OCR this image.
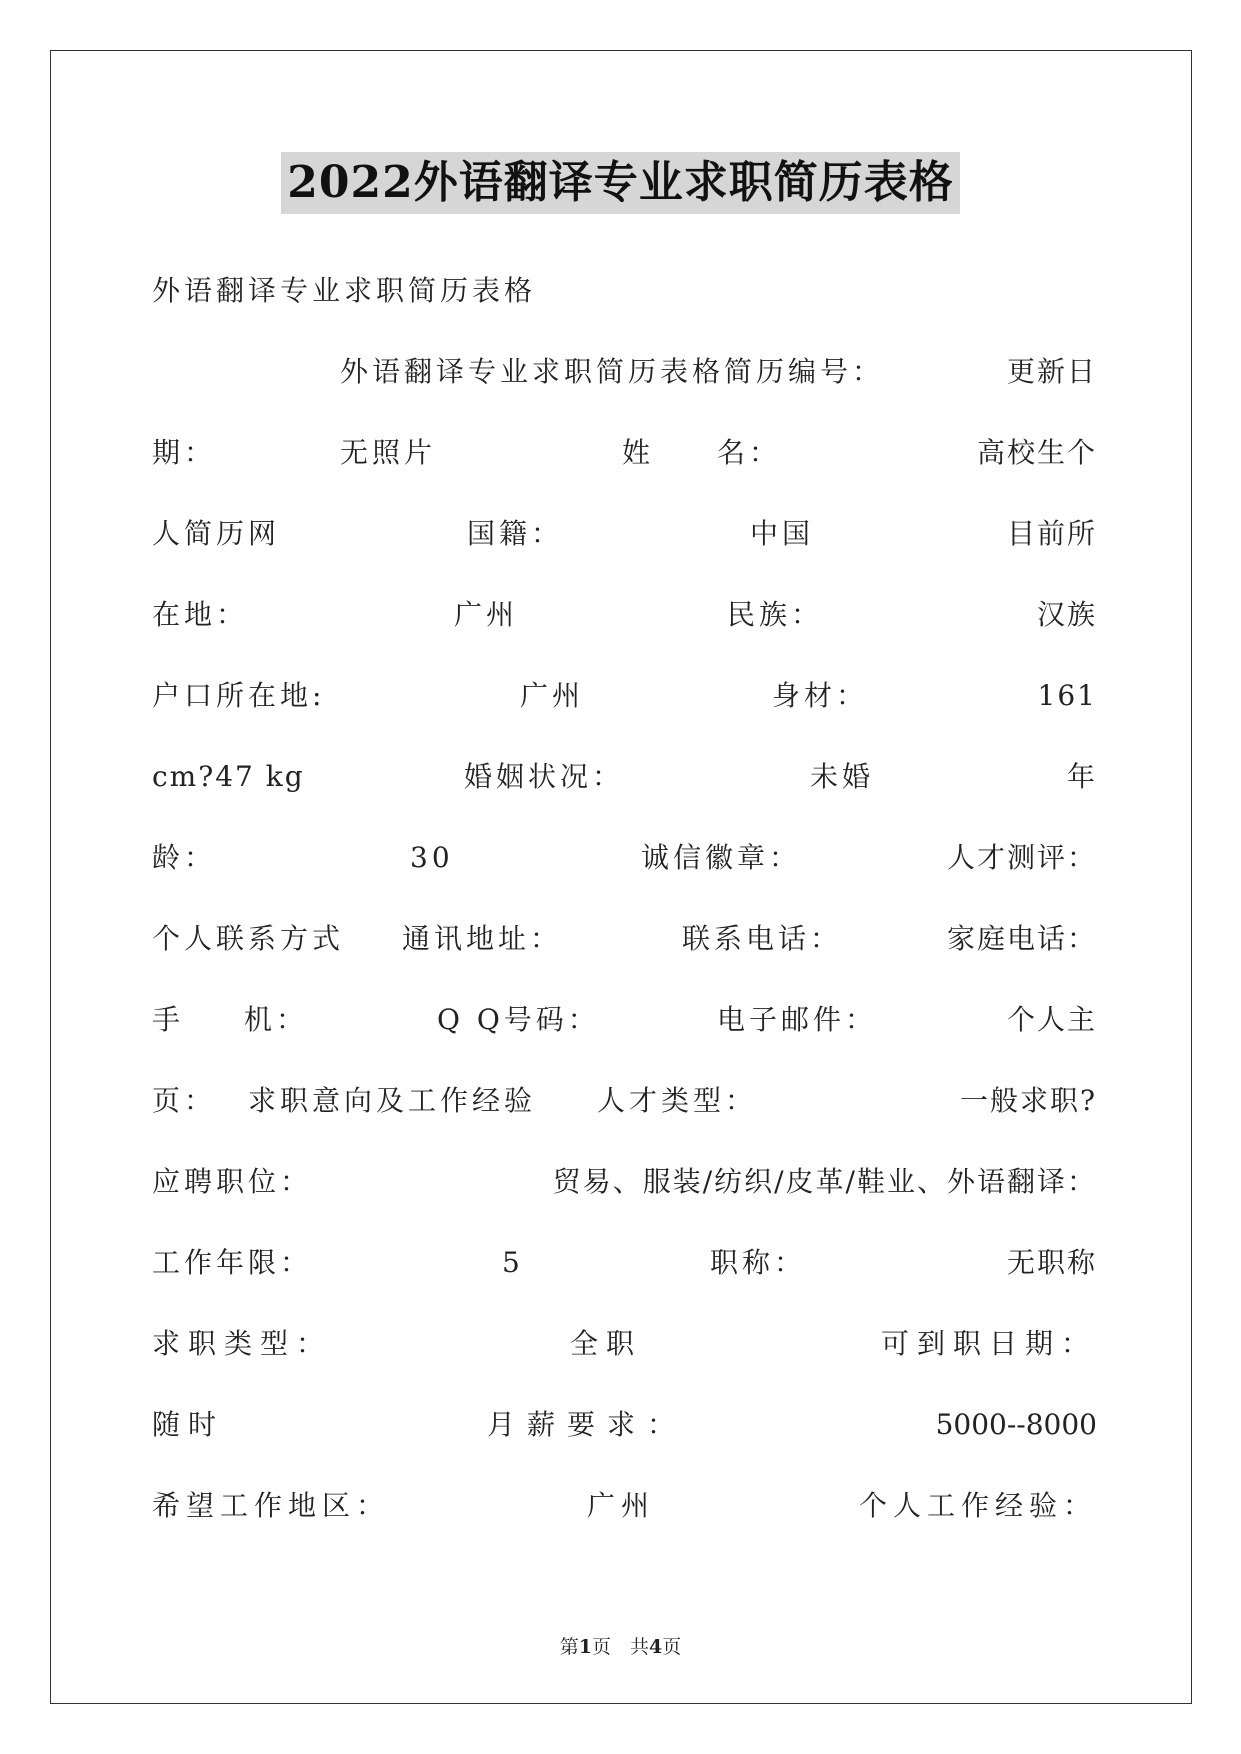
2022外语翻译专业求职简历表格
外语翻译专业求职简历表格
外语翻译专业求职简历表格简历编号：	更新日
期：	无照片	姓 名：	高校生个
人简历网	国籍：	中国	目前所
在地：	广州	民族：	汉族
户口所在地:	广州	身材：	161
cm?47 kg	婚姻状况：	未婚	年
龄：	30	诚信徽章：	人才测评：
个人联系方式 通讯地址：	联系电话：	家庭电话：
手 机：	Q Q号码：	电子邮件：	个人主
页： 求职意向及工作经验 人才类型：	一般求职?
应聘职位：	贸易、服装/纺织/皮革/鞋业、外语翻译：
工作年限：	5	职称：	无职称
求职类型：	全职	可到职日期：
随时	月薪要求：	5000--8000
希望工作地区：	广州	个人工作经验：
第1页　共4页
